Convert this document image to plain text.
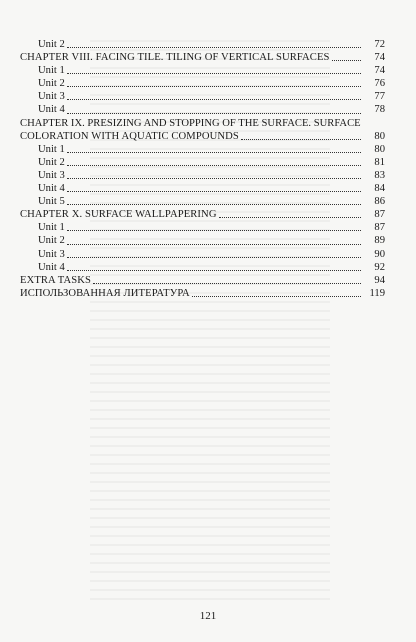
Unit 2	72
CHAPTER VIII. FACING TILE. TILING OF VERTICAL SURFACES	74
Unit 1	74
Unit 2	76
Unit 3	77
Unit 4	78
CHAPTER IX. PRESIZING AND STOPPING OF THE SURFACE. SURFACE
COLORATION WITH AQUATIC COMPOUNDS	80
Unit 1	80
Unit 2	81
Unit 3	83
Unit 4	84
Unit 5	86
CHAPTER X. SURFACE WALLPAPERING	87
Unit 1	87
Unit 2	89
Unit 3	90
Unit 4	92
EXTRA TASKS	94
ИСПОЛЬЗОВАННАЯ ЛИТЕРАТУРА	119
121
